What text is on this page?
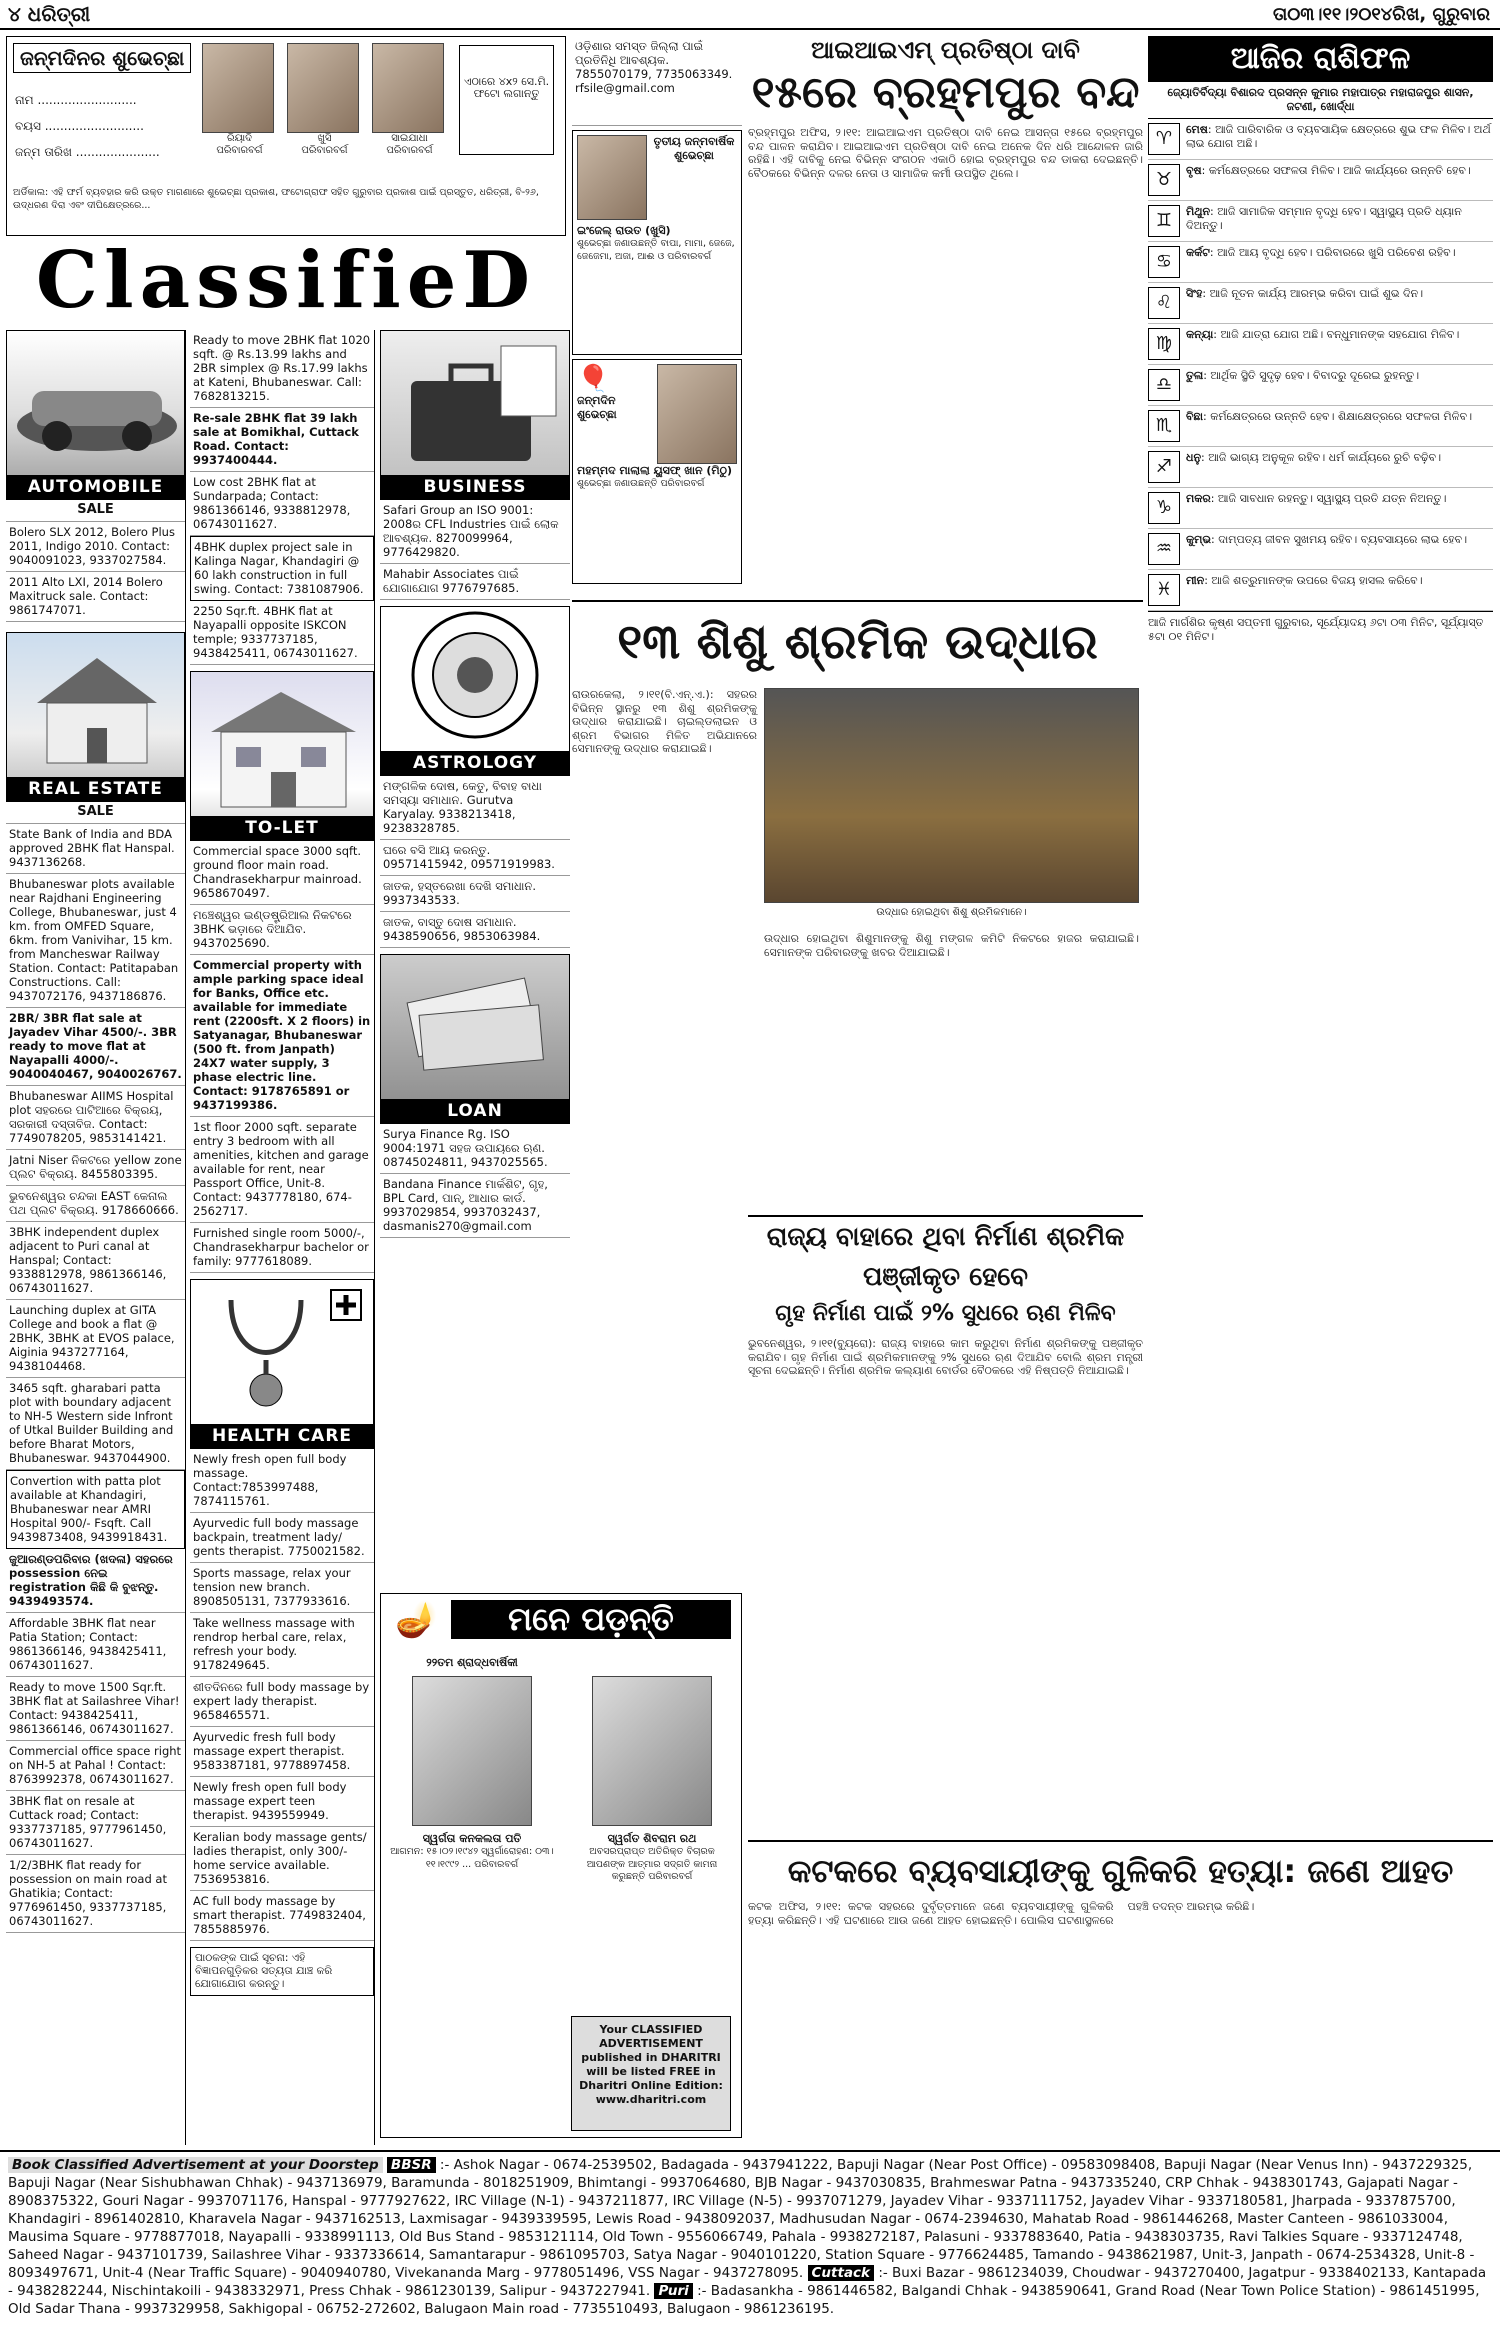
୪ ଧରିତ୍ରୀ	ତା୦୩।୧୧।୨୦୧୪ରିଖ, ଗୁରୁବାର
ଜନ୍ମଦିନର ଶୁଭେଚ୍ଛା
ନାମ ..........................
ବୟସ ..........................
ଜନ୍ମ ତାରିଖ ......................
ରିୟାଦି
ପରିବାରବର୍ଗ
ଖୁସି
ପରିବାରବର୍ଗ
ସାଇଯାଧା
ପରିବାରବର୍ଗ
ଏଠାରେ ୪x୨ ସେ.ମି. ଫଟୋ ଲଗାନ୍ତୁ
ଅର୍ଡିକାଲ: ଏହି ଫର୍ମ ବ୍ୟବହାର କରି ଉକ୍ତ ମାଗଣାରେ ଶୁଭେଚ୍ଛା ପ୍ରକାଶ, ଫଟୋଗ୍ରାଫ ସହିତ ଗୁରୁବାର ପ୍ରକାଶ ପାଇଁ ପ୍ରସ୍ତୁତ, ଧରିତ୍ରୀ, ବି-୨୬, ଉଦ୍ଧରଣ ଦିରା ଏବଂ ଦୀଘିକ୍ଷେତ୍ରରେ...
ClassifieD
AUTOMOBILE
SALE
Bolero SLX 2012, Bolero Plus 2011, Indigo 2010. Contact: 9040091023, 9337027584.
2011 Alto LXI, 2014 Bolero Maxitruck sale. Contact: 9861747071.
REAL ESTATE
SALE
State Bank of India and BDA approved 2BHK flat Hanspal. 9437136268.
Bhubaneswar plots available near Rajdhani Engineering College, Bhubaneswar, just 4 km. from OMFED Square, 6km. from Vanivihar, 15 km. from Mancheswar Railway Station. Contact: Patitapaban Constructions. Call: 9437072176, 9437186876.
2BR/ 3BR flat sale at Jayadev Vihar 4500/-. 3BR ready to move flat at Nayapalli 4000/-. 9040040467, 9040026767.
Bhubaneswar AIIMS Hospital plot ସହରରେ ପାଟିଆରେ ବିକ୍ରୟ, ସରକାରୀ ଦସ୍ତାବିଜ. Contact: 7749078205, 9853141421.
Jatni Niser ନିକଟରେ yellow zone ପ୍ଲଟ ବିକ୍ରୟ. 8455803395.
ଭୁବନେଶ୍ୱର ଚନ୍ଦକା EAST କେନାଲ ପଥ ପ୍ଲଟ ବିକ୍ରୟ. 9178660666.
3BHK independent duplex adjacent to Puri canal at Hanspal; Contact: 9338812978, 9861366146, 06743011627.
Launching duplex at GITA College and book a flat @ 2BHK, 3BHK at EVOS palace, Aiginia 9437277164, 9438104468.
3465 sqft. gharabari patta plot with boundary adjacent to NH-5 Western side Infront of Utkal Builder Building and before Bharat Motors, Bhubaneswar. 9437044900.
Convertion with patta plot available at Khandagiri, Bhubaneswar near AMRI Hospital 900/- Fsqft. Call 9439873408, 9439918431.
ଜୁଆରଣ୍ଡପରିବାର (ଖଦଳା) ସହରରେ possession ନେଇ registration କିଛି କି ବୁଝନ୍ତୁ. 9439493574.
Affordable 3BHK flat near Patia Station; Contact: 9861366146, 9438425411, 06743011627.
Ready to move 1500 Sqr.ft. 3BHK flat at Sailashree Vihar! Contact: 9438425411, 9861366146, 06743011627.
Commercial office space right on NH-5 at Pahal ! Contact: 8763992378, 06743011627.
3BHK flat on resale at Cuttack road; Contact: 9337737185, 9777961450, 06743011627.
1/2/3BHK flat ready for possession on main road at Ghatikia; Contact: 9776961450, 9337737185, 06743011627.
Ready to move 2BHK flat 1020 sqft. @ Rs.13.99 lakhs and 2BR simplex @ Rs.17.99 lakhs at Kateni, Bhubaneswar. Call: 7682813215.
Re-sale 2BHK flat 39 lakh sale at Bomikhal, Cuttack Road. Contact: 9937400444.
Low cost 2BHK flat at Sundarpada; Contact: 9861366146, 9338812978, 06743011627.
4BHK duplex project sale in Kalinga Nagar, Khandagiri @ 60 lakh construction in full swing. Contact: 7381087906.
2250 Sqr.ft. 4BHK flat at Nayapalli opposite ISKCON temple; 9337737185, 9438425411, 06743011627.
TO-LET
Commercial space 3000 sqft. ground floor main road. Chandrasekharpur mainroad. 9658670497.
ମଞ୍ଚେଶ୍ୱର ଇଣ୍ଡଷ୍ଟ୍ରିଆଲ ନିକଟରେ 3BHK ଭଡ଼ାରେ ଦିଆଯିବ. 9437025690.
Commercial property with ample parking space ideal for Banks, Office etc. available for immediate rent (2200sft. X 2 floors) in Satyanagar, Bhubaneswar (500 ft. from Janpath) 24X7 water supply, 3 phase electric line. Contact: 9178765891 or 9437199386.
1st floor 2000 sqft. separate entry 3 bedroom with all amenities, kitchen and garage available for rent, near Passport Office, Unit-8. Contact: 9437778180, 674-2562717.
Furnished single room 5000/-, Chandrasekharpur bachelor or family: 9777618089.
HEALTH CARE
Newly fresh open full body massage. Contact:7853997488, 7874115761.
Ayurvedic full body massage backpain, treatment lady/ gents therapist. 7750021582.
Sports massage, relax your tension new branch. 8908505131, 7377933616.
Take wellness massage with rendrop herbal care, relax, refresh your body. 9178249645.
ଶୀତଦିନରେ full body massage by expert lady therapist. 9658465571.
Ayurvedic fresh full body massage expert therapist. 9583387181, 9778897458.
Newly fresh open full body massage expert teen therapist. 9439559949.
Keralian body massage gents/ ladies therapist, only 300/- home service available. 7536953816.
AC full body massage by smart therapist. 7749832404, 7855885976.
ପାଠକଙ୍କ ପାଇଁ ସୂଚନା: ଏହି ବିଜ୍ଞାପନଗୁଡ଼ିକର ସତ୍ୟତା ଯାଞ୍ଚ କରି ଯୋଗାଯୋଗ କରନ୍ତୁ।
BUSINESS
Safari Group an ISO 9001: 2008ର CFL Industries ପାଇଁ ଲୋକ ଆବଶ୍ୟକ. 8270099964, 9776429820.
Mahabir Associates ପାଇଁ ଯୋଗାଯୋଗ 9776797685.
ASTROLOGY
ମଙ୍ଗଳିକ ଦୋଷ, କେତୁ, ବିବାହ ବାଧା ସମସ୍ୟା ସମାଧାନ. Gurutva Karyalay. 9338213418, 9238328785.
ଘରେ ବସି ଆୟ କରନ୍ତୁ. 09571415942, 09571919983.
ଜାତକ, ହସ୍ତରେଖା ଦେଖି ସମାଧାନ. 9937343533.
ଜାତକ, ବାସ୍ତୁ ଦୋଷ ସମାଧାନ. 9438590656, 9853063984.
LOAN
Surya Finance Rg. ISO 9004:1971 ସହଜ ଉପାୟରେ ଋଣ. 08745024811, 9437025565.
Bandana Finance ମାର୍କଶିଟ, ଗୃହ, BPL Card, ପାନ୍, ଆଧାର କାର୍ଡ. 9937029854, 9937032437, dasmanis270@gmail.com
ଓଡ଼ିଶାର ସମସ୍ତ ଜିଲ୍ଲା ପାଇଁ ପ୍ରତିନିଧି ଆବଶ୍ୟକ. 7855070179, 7735063349. rfsile@gmail.com
ତୃତୀୟ ଜନ୍ମବାର୍ଷିକ ଶୁଭେଚ୍ଛା
ଇଂଜେଲ୍ ରାଉତ (ଖୁସି)
ଶୁଭେଚ୍ଛା ଜଣାଉଛନ୍ତି ବାପା, ମାମା, ଜେଜେ, ଜେଜେମା, ଅଜା, ଆଈ ଓ ପରିବାରବର୍ଗ
🎈
ଜନ୍ମଦିନ ଶୁଭେଚ୍ଛା
ମହମ୍ମଦ ମାଲାଲା ୟୁସଫ୍ ଖାନ (ମିଠୁ)
ଶୁଭେଚ୍ଛା ଜଣାଉଛନ୍ତି ପରିବାରବର୍ଗ
🪔	ମନେ ପଡ଼ନ୍ତି
୨୨ତମ ଶ୍ରାଦ୍ଧବାର୍ଷିକୀ
ସ୍ୱର୍ଗତା କନକଲତା ପତି
ଆଗମନ: ୧୫।୦୨।୧୯୪୨ ସ୍ୱର୍ଗାରୋହଣ: ୦୩।୧୧।୧୯୯୨ ... ପରିବାରବର୍ଗ
ସ୍ୱର୍ଗତ ଶିବରାମ ରଥ
ଅବସରପ୍ରାପ୍ତ ଅତିରିକ୍ତ ବିଚାରକ ଆପଣଙ୍କ ଆତ୍ମାର ସଦ୍‌ଗତି କାମନା କରୁଛନ୍ତି ପରିବାରବର୍ଗ
Your CLASSIFIED ADVERTISEMENT published in DHARITRI will be listed FREE in Dharitri Online Edition: www.dharitri.com
ଆଇଆଇଏମ୍ ପ୍ରତିଷ୍ଠା ଦାବି
୧୫ରେ ବ୍ରହ୍ମପୁର ବନ୍ଦ
ବ୍ରହ୍ମପୁର ଅଫିସ, ୨।୧୧: ଆଇଆଇଏମ ପ୍ରତିଷ୍ଠା ଦାବି ନେଇ ଆସନ୍ତା ୧୫ରେ ବ୍ରହ୍ମପୁର ବନ୍ଦ ପାଳନ କରାଯିବ। ଆଇଆଇଏମ ପ୍ରତିଷ୍ଠା ଦାବି ନେଇ ଅନେକ ଦିନ ଧରି ଆନ୍ଦୋଳନ ଜାରି ରହିଛି। ଏହି ଦାବିକୁ ନେଇ ବିଭିନ୍ନ ସଂଗଠନ ଏକାଠି ହୋଇ ବ୍ରହ୍ମପୁର ବନ୍ଦ ଡାକରା ଦେଇଛନ୍ତି। ବୈଠକରେ ବିଭିନ୍ନ ଦଳର ନେତା ଓ ସାମାଜିକ କର୍ମୀ ଉପସ୍ଥିତ ଥିଲେ।
୧୩ ଶିଶୁ ଶ୍ରମିକ ଉଦ୍ଧାର
ରାଉରକେଲା, ୨।୧୧(ବି.ଏନ୍.ଏ.): ସହରର ବିଭିନ୍ନ ସ୍ଥାନରୁ ୧୩ ଶିଶୁ ଶ୍ରମିକଙ୍କୁ ଉଦ୍ଧାର କରାଯାଇଛି। ଚାଇଲ୍ଡଲାଇନ ଓ ଶ୍ରମ ବିଭାଗର ମିଳିତ ଅଭିଯାନରେ ସେମାନଙ୍କୁ ଉଦ୍ଧାର କରାଯାଇଛି।
ଉଦ୍ଧାର ହୋଇଥିବା ଶିଶୁ ଶ୍ରମିକମାନେ।
ଉଦ୍ଧାର ହୋଇଥିବା ଶିଶୁମାନଙ୍କୁ ଶିଶୁ ମଙ୍ଗଳ କମିଟି ନିକଟରେ ହାଜର କରାଯାଇଛି। ସେମାନଙ୍କ ପରିବାରଙ୍କୁ ଖବର ଦିଆଯାଇଛି।
ରାଜ୍ୟ ବାହାରେ ଥିବା ନିର୍ମାଣ ଶ୍ରମିକ ପଞ୍ଜୀକୃତ ହେବେ
ଗୃହ ନିର୍ମାଣ ପାଇଁ ୨% ସୁଧରେ ଋଣ ମିଳିବ
ଭୁବନେଶ୍ୱର, ୨।୧୧(ବ୍ୟୁରୋ): ରାଜ୍ୟ ବାହାରେ କାମ କରୁଥିବା ନିର୍ମାଣ ଶ୍ରମିକଙ୍କୁ ପଞ୍ଜୀକୃତ କରାଯିବ। ଗୃହ ନିର୍ମାଣ ପାଇଁ ଶ୍ରମିକମାନଙ୍କୁ ୨% ସୁଧରେ ଋଣ ଦିଆଯିବ ବୋଲି ଶ୍ରମ ମନ୍ତ୍ରୀ ସୂଚନା ଦେଇଛନ୍ତି। ନିର୍ମାଣ ଶ୍ରମିକ କଲ୍ୟାଣ ବୋର୍ଡର ବୈଠକରେ ଏହି ନିଷ୍ପତ୍ତି ନିଆଯାଇଛି।
କଟକରେ ବ୍ୟବସାୟୀଙ୍କୁ ଗୁଳିକରି ହତ୍ୟା: ଜଣେ ଆହତ
କଟକ ଅଫିସ, ୨।୧୧: କଟକ ସହରରେ ଦୁର୍ବୃତ୍ତମାନେ ଜଣେ ବ୍ୟବସାୟୀଙ୍କୁ ଗୁଳିକରି ହତ୍ୟା କରିଛନ୍ତି। ଏହି ଘଟଣାରେ ଆଉ ଜଣେ ଆହତ ହୋଇଛନ୍ତି। ପୋଲିସ ଘଟଣାସ୍ଥଳରେ ପହଞ୍ଚି ତଦନ୍ତ ଆରମ୍ଭ କରିଛି।
ଆଜିର ରାଶିଫଳ
ଜ୍ୟୋତିର୍ବିଦ୍ୟା ବିଶାରଦ ପ୍ରସନ୍ନ କୁମାର ମହାପାତ୍ର ମହାରାଜପୁର ଶାସନ, ଜଟଣୀ, ଖୋର୍ଦ୍ଧା
♈	ମେଷ: ଆଜି ପାରିବାରିକ ଓ ବ୍ୟବସାୟିକ କ୍ଷେତ୍ରରେ ଶୁଭ ଫଳ ମିଳିବ। ଅର୍ଥ ଲାଭ ଯୋଗ ଅଛି।
♉	ବୃଷ: କର୍ମକ୍ଷେତ୍ରରେ ସଫଳତା ମିଳିବ। ଆଜି କାର୍ଯ୍ୟରେ ଉନ୍ନତି ହେବ।
♊	ମିଥୁନ: ଆଜି ସାମାଜିକ ସମ୍ମାନ ବୃଦ୍ଧି ହେବ। ସ୍ୱାସ୍ଥ୍ୟ ପ୍ରତି ଧ୍ୟାନ ଦିଅନ୍ତୁ।
♋	କର୍କଟ: ଆଜି ଆୟ ବୃଦ୍ଧି ହେବ। ପରିବାରରେ ଖୁସି ପରିବେଶ ରହିବ।
♌	ସିଂହ: ଆଜି ନୂତନ କାର୍ଯ୍ୟ ଆରମ୍ଭ କରିବା ପାଇଁ ଶୁଭ ଦିନ।
♍	କନ୍ୟା: ଆଜି ଯାତ୍ରା ଯୋଗ ଅଛି। ବନ୍ଧୁମାନଙ୍କ ସହଯୋଗ ମିଳିବ।
♎	ତୁଳା: ଆର୍ଥିକ ସ୍ଥିତି ସୁଦୃଢ଼ ହେବ। ବିବାଦରୁ ଦୂରେଇ ରୁହନ୍ତୁ।
♏	ବିଛା: କର୍ମକ୍ଷେତ୍ରରେ ଉନ୍ନତି ହେବ। ଶିକ୍ଷାକ୍ଷେତ୍ରରେ ସଫଳତା ମିଳିବ।
♐	ଧନୁ: ଆଜି ଭାଗ୍ୟ ଅନୁକୂଳ ରହିବ। ଧର୍ମ କାର୍ଯ୍ୟରେ ରୁଚି ବଢ଼ିବ।
♑	ମକର: ଆଜି ସାବଧାନ ରହନ୍ତୁ। ସ୍ୱାସ୍ଥ୍ୟ ପ୍ରତି ଯତ୍ନ ନିଅନ୍ତୁ।
♒	କୁମ୍ଭ: ଦାମ୍ପତ୍ୟ ଜୀବନ ସୁଖମୟ ରହିବ। ବ୍ୟବସାୟରେ ଲାଭ ହେବ।
♓	ମୀନ: ଆଜି ଶତ୍ରୁମାନଙ୍କ ଉପରେ ବିଜୟ ହାସଲ କରିବେ।
ଆଜି ମାର୍ଗଶିର କୃଷ୍ଣ ସପ୍ତମୀ ଗୁରୁବାର, ସୂର୍ଯ୍ୟୋଦୟ ୬ଟା ୦୩ ମିନିଟ, ସୂର୍ଯ୍ୟାସ୍ତ ୫ଟା ୦୧ ମିନିଟ।
Book Classified Advertisement at your Doorstep BBSR :- Ashok Nagar - 0674-2539502, Badagada - 9437941222, Bapuji Nagar (Near Post Office) - 09583098408, Bapuji Nagar (Near Venus Inn) - 9437229325, Bapuji Nagar (Near Sishubhawan Chhak) - 9437136979, Baramunda - 8018251909, Bhimtangi - 9937064680, BJB Nagar - 9437030835, Brahmeswar Patna - 9437335240, CRP Chhak - 9438301743, Gajapati Nagar - 8908375322, Gouri Nagar - 9937071176, Hanspal - 9777927622, IRC Village (N-1) - 9437211877, IRC Village (N-5) - 9937071279, Jayadev Vihar - 9337111752, Jayadev Vihar - 9337180581, Jharpada - 9337875700, Khandagiri - 8961402810, Kharavela Nagar - 9437162513, Laxmisagar - 9439339595, Lewis Road - 9438092037, Madhusudan Nagar - 0674-2394630, Mahatab Road - 9861446268, Master Canteen - 9861033004, Mausima Square - 9778877018, Nayapalli - 9338991113, Old Bus Stand - 9853121114, Old Town - 9556066749, Pahala - 9938272187, Palasuni - 9337883640, Patia - 9438303735, Ravi Talkies Square - 9337124748, Saheed Nagar - 9437101739, Sailashree Vihar - 9337336614, Samantarapur - 9861095703, Satya Nagar - 9040101220, Station Square - 9776624485, Tamando - 9438621987, Unit-3, Janpath - 0674-2534328, Unit-8 - 8093497671, Unit-4 (Near Traffic Square) - 9040940780, Vivekananda Marg - 9778051496, VSS Nagar - 9437278095. Cuttack :- Buxi Bazar - 9861234039, Choudwar - 9437270400, Jagatpur - 9338402133, Kantapada - 9438282244, Nischintakoili - 9438332971, Press Chhak - 9861230139, Salipur - 9437227941. Puri :- Badasankha - 9861446582, Balgandi Chhak - 9438590641, Grand Road (Near Town Police Station) - 9861451995, Old Sadar Thana - 9937329958, Sakhigopal - 06752-272602, Balugaon Main road - 7735510493, Balugaon - 9861236195.
